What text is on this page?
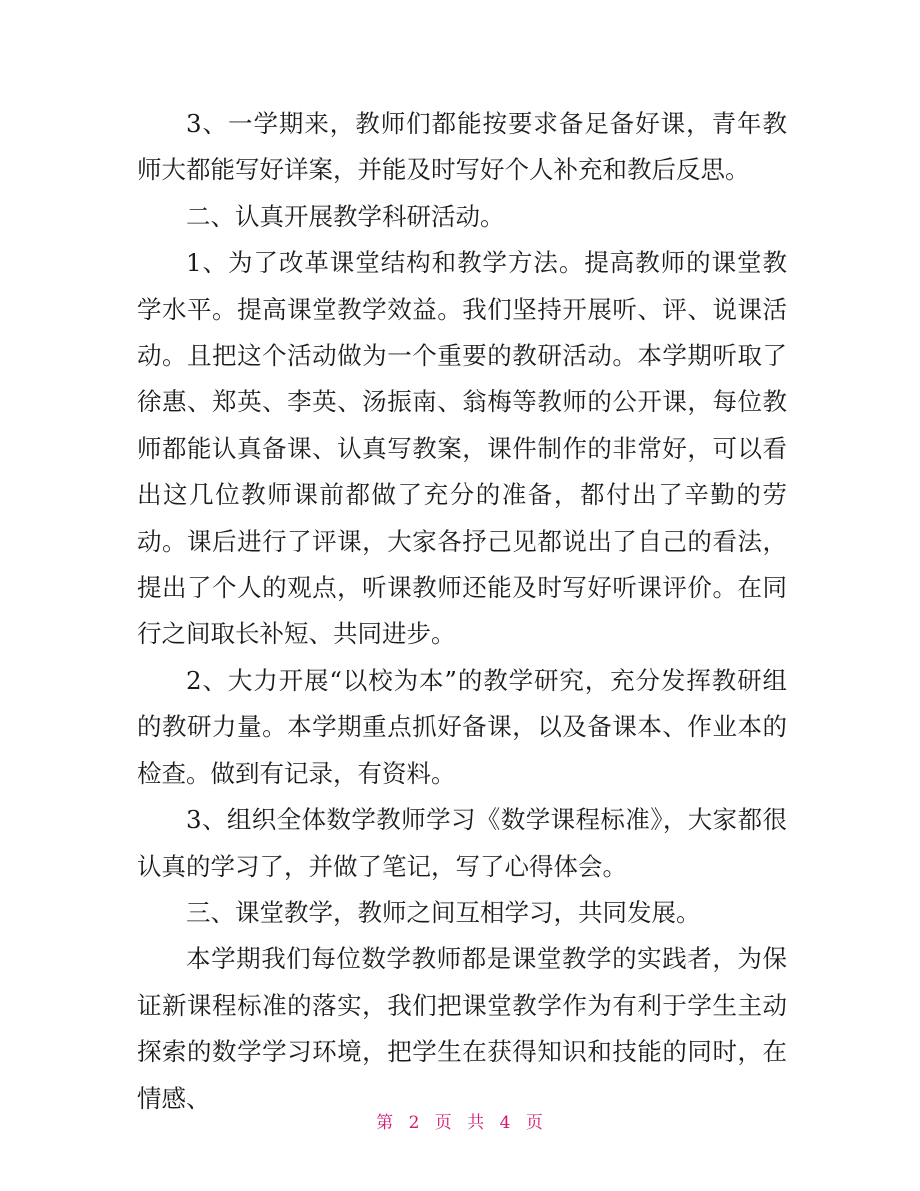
3、一学期来，教师们都能按要求备足备好课，青年教师大都能写好详案，并能及时写好个人补充和教后反思。

二、认真开展教学科研活动。

1、为了改革课堂结构和教学方法。提高教师的课堂教学水平。提高课堂教学效益。我们坚持开展听、评、说课活动。且把这个活动做为一个重要的教研活动。本学期听取了徐惠、郑英、李英、汤振南、翁梅等教师的公开课，每位教师都能认真备课、认真写教案，课件制作的非常好，可以看出这几位教师课前都做了充分的准备，都付出了辛勤的劳动。课后进行了评课，大家各抒己见都说出了自己的看法，提出了个人的观点，听课教师还能及时写好听课评价。在同行之间取长补短、共同进步。

2、大力开展“以校为本”的教学研究，充分发挥教研组的教研力量。本学期重点抓好备课，以及备课本、作业本的检查。做到有记录，有资料。

3、组织全体数学教师学习《数学课程标准》，大家都很认真的学习了，并做了笔记，写了心得体会。

三、课堂教学，教师之间互相学习，共同发展。

本学期我们每位数学教师都是课堂教学的实践者，为保证新课程标准的落实，我们把课堂教学作为有利于学生主动探索的数学学习环境，把学生在获得知识和技能的同时，在情感、

第 2 页 共 4 页
